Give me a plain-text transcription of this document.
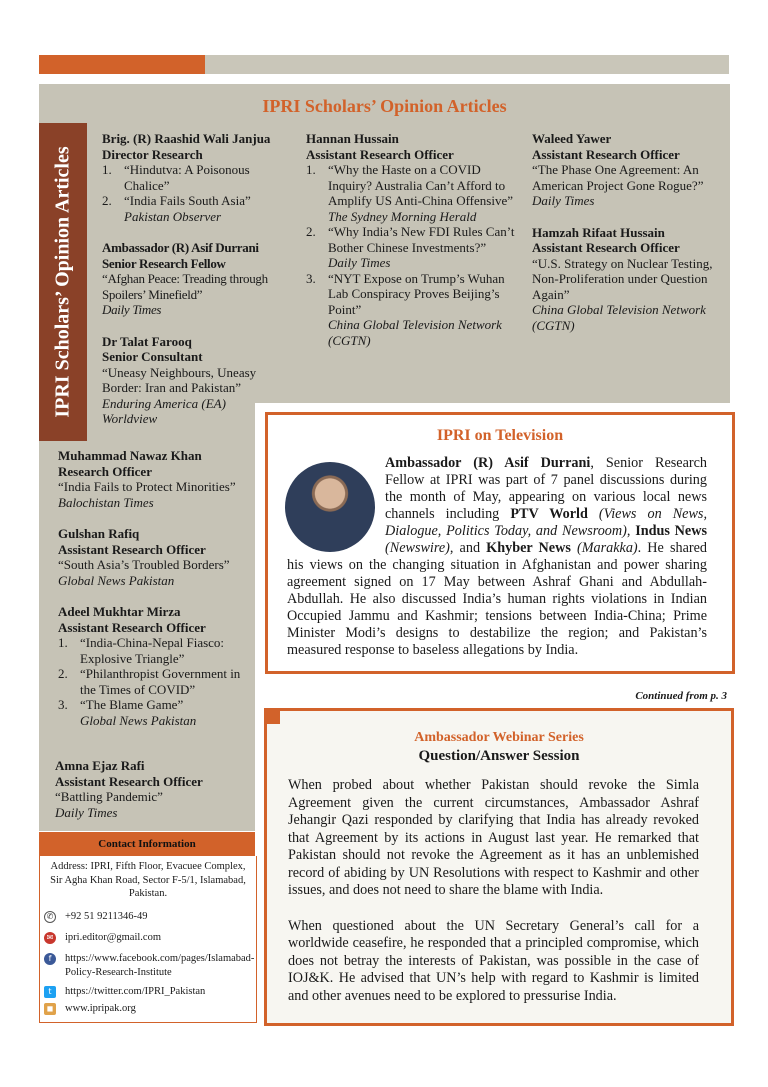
IPRI Scholars’ Opinion Articles
IPRI Scholars’ Opinion Articles
Brig. (R) Raashid Wali Janjua
Director Research
1. “Hindutva: A Poisonous Chalice”
2. “India Fails South Asia”
Pakistan Observer
Ambassador (R) Asif Durrani
Senior Research Fellow
“Afghan Peace: Treading through Spoilers’ Minefield”
Daily Times
Dr Talat Farooq
Senior Consultant
“Uneasy Neighbours, Uneasy Border: Iran and Pakistan”
Enduring America (EA) Worldview
Hannan Hussain
Assistant Research Officer
1. “Why the Haste on a COVID Inquiry? Australia Can’t Afford to Amplify US Anti-China Offensive”
The Sydney Morning Herald
2. “Why India’s New FDI Rules Can’t Bother Chinese Investments?”
Daily Times
3. “NYT Expose on Trump’s Wuhan Lab Conspiracy Proves Beijing’s Point”
China Global Television Network (CGTN)
Waleed Yawer
Assistant Research Officer
“The Phase One Agreement: An American Project Gone Rogue?”
Daily Times
Hamzah Rifaat Hussain
Assistant Research Officer
“U.S. Strategy on Nuclear Testing, Non-Proliferation under Question Again”
China Global Television Network (CGTN)
Muhammad Nawaz Khan
Research Officer
“India Fails to Protect Minorities”
Balochistan Times
Gulshan Rafiq
Assistant Research Officer
“South Asia’s Troubled Borders”
Global News Pakistan
Adeel Mukhtar Mirza
Assistant Research Officer
1. “India-China-Nepal Fiasco: Explosive Triangle”
2. “Philanthropist Government in the Times of COVID”
3. “The Blame Game”
Global News Pakistan
Amna Ejaz Rafi
Assistant Research Officer
“Battling Pandemic”
Daily Times
IPRI on Television
Ambassador (R) Asif Durrani, Senior Research Fellow at IPRI was part of 7 panel discussions during the month of May, appearing on various local news channels including PTV World (Views on News, Dialogue, Politics Today, and Newsroom), Indus News (Newswire), and Khyber News (Marakka). He shared his views on the changing situation in Afghanistan and power sharing agreement signed on 17 May between Ashraf Ghani and Abdullah-Abdullah. He also discussed India’s human rights violations in Indian Occupied Jammu and Kashmir; tensions between India-China; Prime Minister Modi’s designs to destabilize the region; and Pakistan’s measured response to baseless allegations by India.
Continued from p. 3
Ambassador Webinar Series
Question/Answer Session

When probed about whether Pakistan should revoke the Simla Agreement given the current circumstances, Ambassador Ashraf Jehangir Qazi responded by clarifying that India has already revoked that Agreement by its actions in August last year. He remarked that Pakistan should not revoke the Agreement as it has an unblemished record of abiding by UN Resolutions with respect to Kashmir and other issues, and does not need to share the blame with India.

When questioned about the UN Secretary General’s call for a worldwide ceasefire, he responded that a principled compromise, which does not betray the interests of Pakistan, was possible in the case of IOJ&K. He advised that UN’s help with regard to Kashmir is limited and other avenues need to be explored to pressurise India.

Contact Information
Address: IPRI, Fifth Floor, Evacuee Complex, Sir Agha Khan Road, Sector F-5/1, Islamabad, Pakistan.
✆ +92 51 9211346-49
✉ ipri.editor@gmail.com
f	https://www.facebook.com/pages/Islamabad-Policy-Research-Institute
t	https://twitter.com/IPRI_Pakistan
◼ www.ipripak.org
